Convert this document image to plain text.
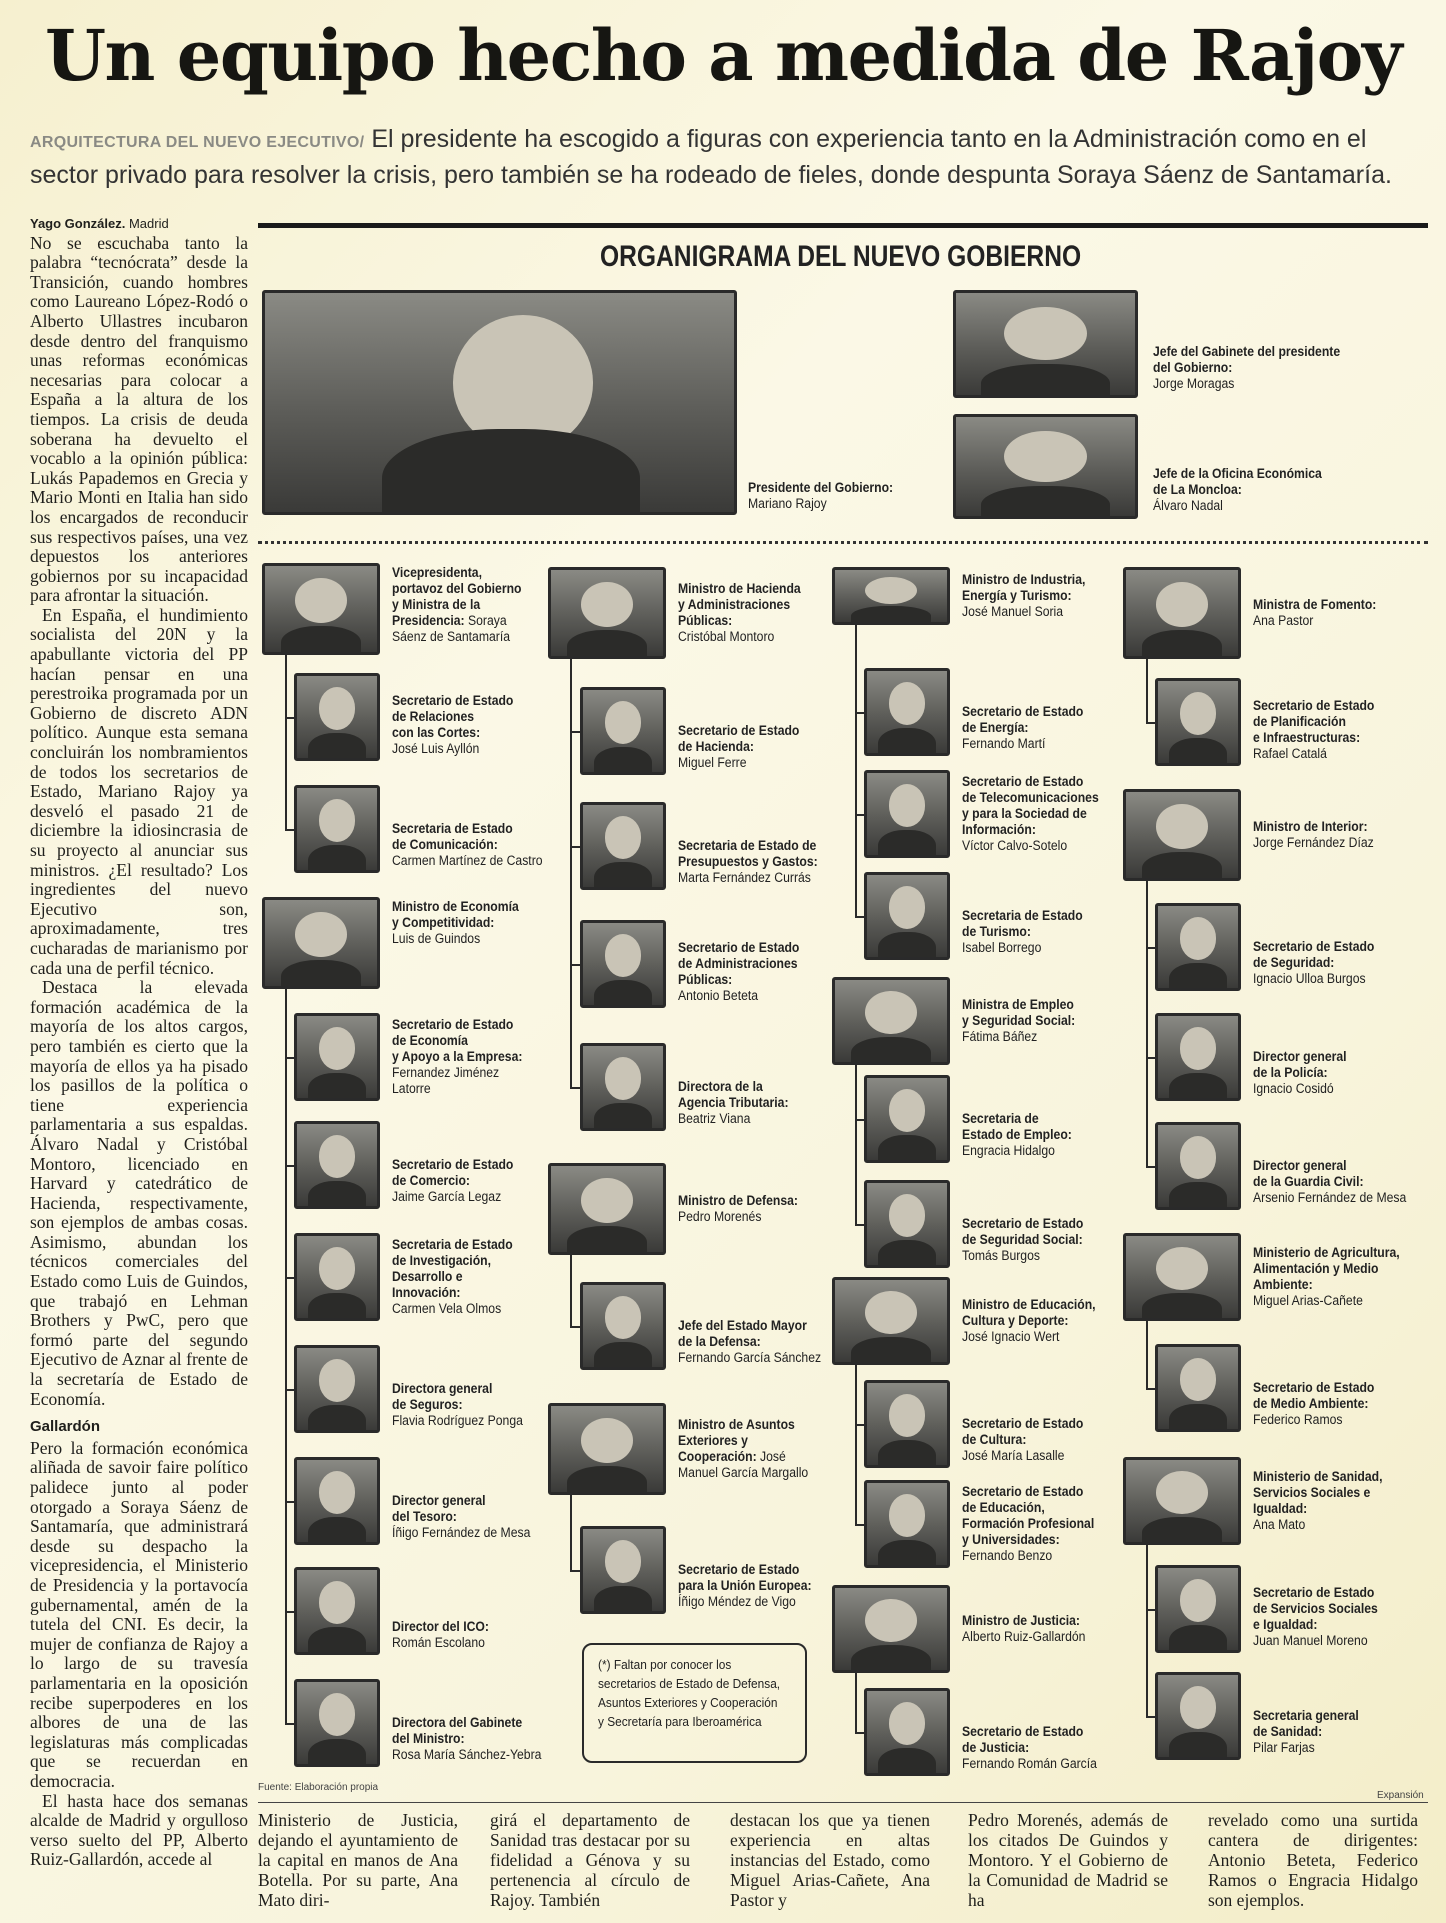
Un equipo hecho a medida de Rajoy
ARQUITECTURA DEL NUEVO EJECUTIVO/ El presidente ha escogido a figuras con experiencia tanto en la Administración como en el sector privado para resolver la crisis, pero también se ha rodeado de fieles, donde despunta Soraya Sáenz de Santamaría.

Yago González. Madrid

No se escuchaba tanto la palabra “tecnócrata” desde la Transición, cuando hombres como Laureano López-Rodó o Alberto Ullastres incubaron desde dentro del franquismo unas reformas económicas necesarias para colocar a España a la altura de los tiempos. La crisis de deuda soberana ha devuelto el vocablo a la opinión pública: Lukás Papademos en Grecia y Mario Monti en Italia han sido los encargados de reconducir sus respectivos países, una vez depuestos los anteriores gobiernos por su incapacidad para afrontar la situación.

En España, el hundimiento socialista del 20N y la apabullante victoria del PP hacían pensar en una perestroika programada por un Gobierno de discreto ADN político. Aunque esta semana concluirán los nombramientos de todos los secretarios de Estado, Mariano Rajoy ya desveló el pasado 21 de diciembre la idiosincrasia de su proyecto al anunciar sus ministros. ¿El resultado? Los ingredientes del nuevo Ejecutivo son, aproximadamente, tres cucharadas de marianismo por cada una de perfil técnico.

Destaca la elevada formación académica de la mayoría de los altos cargos, pero también es cierto que la mayoría de ellos ya ha pisado los pasillos de la política o tiene experiencia parlamentaria a sus espaldas. Álvaro Nadal y Cristóbal Montoro, licenciado en Harvard y catedrático de Hacienda, respectivamente, son ejemplos de ambas cosas. Asimismo, abundan los técnicos comerciales del Estado como Luis de Guindos, que trabajó en Lehman Brothers y PwC, pero que formó parte del segundo Ejecutivo de Aznar al frente de la secretaría de Estado de Economía.

Gallardón

Pero la formación económica aliñada de savoir faire político palidece junto al poder otorgado a Soraya Sáenz de Santamaría, que administrará desde su despacho la vicepresidencia, el Ministerio de Presidencia y la portavocía gubernamental, amén de la tutela del CNI. Es decir, la mujer de confianza de Rajoy a lo largo de su travesía parlamentaria en la oposición recibe superpoderes en los albores de una de las legislaturas más complicadas que se recuerdan en democracia.

El hasta hace dos semanas alcalde de Madrid y orgulloso verso suelto del PP, Alberto Ruiz-Gallardón, accede al

ORGANIGRAMA DEL NUEVO GOBIERNO
Presidente del Gobierno:
Mariano Rajoy
Jefe del Gabinete del presidente
del Gobierno:
Jorge Moragas
Jefe de la Oficina Económica
de La Moncloa:
Álvaro Nadal
Vicepresidenta,
portavoz del Gobierno
y Ministra de la
Presidencia: Soraya
Sáenz de Santamaría
Secretario de Estado
de Relaciones
con las Cortes:
José Luis Ayllón
Secretaria de Estado
de Comunicación:
Carmen Martínez de Castro
Ministro de Economía
y Competitividad:
Luis de Guindos
Secretario de Estado
de Economía
y Apoyo a la Empresa:
Fernandez Jiménez
Latorre
Secretario de Estado
de Comercio:
Jaime García Legaz
Secretaria de Estado
de Investigación,
Desarrollo e
Innovación:
Carmen Vela Olmos
Directora general
de Seguros:
Flavia Rodríguez Ponga
Director general
del Tesoro:
Íñigo Fernández de Mesa
Director del ICO:
Román Escolano
Directora del Gabinete
del Ministro:
Rosa María Sánchez-Yebra
Ministro de Hacienda
y Administraciones
Públicas:
Cristóbal Montoro
Secretario de Estado
de Hacienda:
Miguel Ferre
Secretaria de Estado de
Presupuestos y Gastos:
Marta Fernández Currás
Secretario de Estado
de Administraciones
Públicas:
Antonio Beteta
Directora de la
Agencia Tributaria:
Beatriz Viana
Ministro de Defensa:
Pedro Morenés
Jefe del Estado Mayor
de la Defensa:
Fernando García Sánchez
Ministro de Asuntos
Exteriores y
Cooperación: José
Manuel García Margallo
Secretario de Estado
para la Unión Europea:
Íñigo Méndez de Vigo
Ministro de Industria,
Energía y Turismo:
José Manuel Soria
Secretario de Estado
de Energía:
Fernando Martí
Secretario de Estado
de Telecomunicaciones
y para la Sociedad de
Información:
Víctor Calvo-Sotelo
Secretaria de Estado
de Turismo:
Isabel Borrego
Ministra de Empleo
y Seguridad Social:
Fátima Báñez
Secretaria de
Estado de Empleo:
Engracia Hidalgo
Secretario de Estado
de Seguridad Social:
Tomás Burgos
Ministro de Educación,
Cultura y Deporte:
José Ignacio Wert
Secretario de Estado
de Cultura:
José María Lasalle
Secretario de Estado
de Educación,
Formación Profesional
y Universidades:
Fernando Benzo
Ministro de Justicia:
Alberto Ruiz-Gallardón
Secretario de Estado
de Justicia:
Fernando Román García
Ministra de Fomento:
Ana Pastor
Secretario de Estado
de Planificación
e Infraestructuras:
Rafael Catalá
Ministro de Interior:
Jorge Fernández Díaz
Secretario de Estado
de Seguridad:
Ignacio Ulloa Burgos
Director general
de la Policía:
Ignacio Cosidó
Director general
de la Guardia Civil:
Arsenio Fernández de Mesa
Ministerio de Agricultura,
Alimentación y Medio
Ambiente:
Miguel Arias-Cañete
Secretario de Estado
de Medio Ambiente:
Federico Ramos
Ministerio de Sanidad,
Servicios Sociales e
Igualdad:
Ana Mato
Secretario de Estado
de Servicios Sociales
e Igualdad:
Juan Manuel Moreno
Secretaria general
de Sanidad:
Pilar Farjas
(*) Faltan por conocer los
secretarios de Estado de Defensa,
Asuntos Exteriores y Cooperación
y Secretaría para Iberoamérica
Fuente: Elaboración propia
Expansión
Ministerio de Justicia, dejando el ayuntamiento de la capital en manos de Ana Botella. Por su parte, Ana Mato diri-
girá el departamento de Sanidad tras destacar por su fidelidad a Génova y su pertenencia al círculo de Rajoy. También
destacan los que ya tienen experiencia en altas instancias del Estado, como Miguel Arias-Cañete, Ana Pastor y
Pedro Morenés, además de los citados De Guindos y Montoro. Y el Gobierno de la Comunidad de Madrid se ha
revelado como una surtida cantera de dirigentes: Antonio Beteta, Federico Ramos o Engracia Hidalgo son ejemplos.
